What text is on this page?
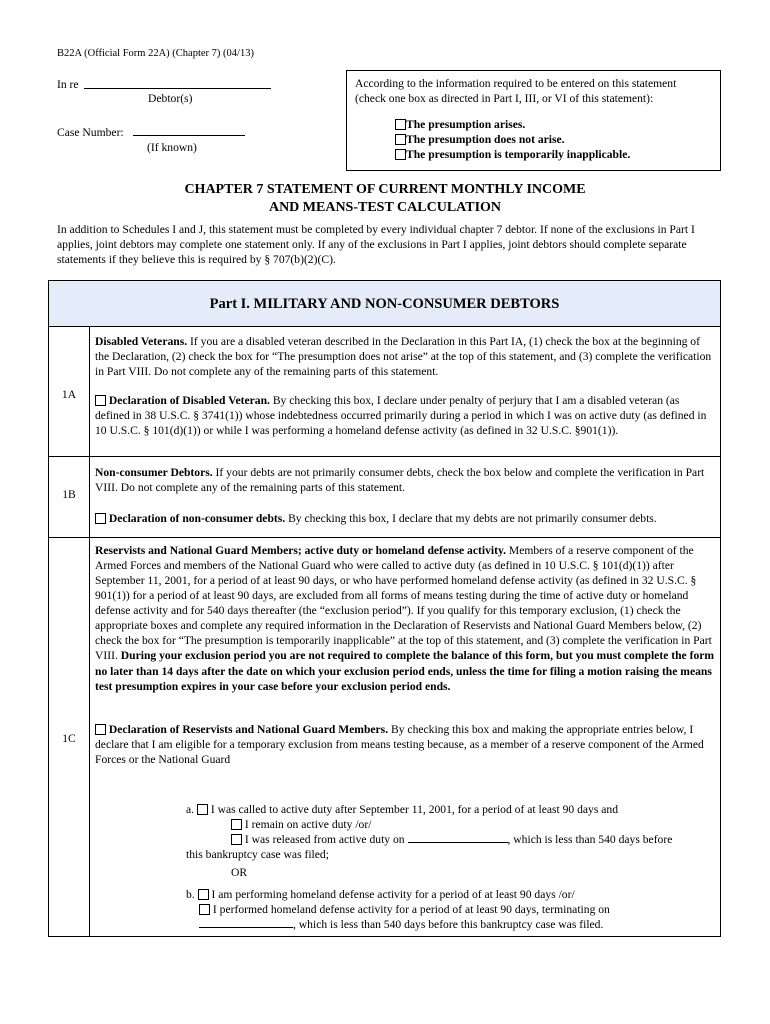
B22A (Official Form 22A) (Chapter 7) (04/13)
In re
Debtor(s)
Case Number:
(If known)
According to the information required to be entered on this statement (check one box as directed in Part I, III, or VI of this statement):
The presumption arises.
The presumption does not arise.
The presumption is temporarily inapplicable.
CHAPTER 7 STATEMENT OF CURRENT MONTHLY INCOME
AND MEANS-TEST CALCULATION
In addition to Schedules I and J, this statement must be completed by every individual chapter 7 debtor. If none of the exclusions in Part I applies, joint debtors may complete one statement only. If any of the exclusions in Part I applies, joint debtors should complete separate statements if they believe this is required by § 707(b)(2)(C).
Part I. MILITARY AND NON-CONSUMER DEBTORS
1A
Disabled Veterans. If you are a disabled veteran described in the Declaration in this Part IA, (1) check the box at the beginning of the Declaration, (2) check the box for “The presumption does not arise” at the top of this statement, and (3) complete the verification in Part VIII. Do not complete any of the remaining parts of this statement.
Declaration of Disabled Veteran. By checking this box, I declare under penalty of perjury that I am a disabled veteran (as defined in 38 U.S.C. § 3741(1)) whose indebtedness occurred primarily during a period in which I was on active duty (as defined in 10 U.S.C. § 101(d)(1)) or while I was performing a homeland defense activity (as defined in 32 U.S.C. §901(1)).
1B
Non-consumer Debtors. If your debts are not primarily consumer debts, check the box below and complete the verification in Part VIII. Do not complete any of the remaining parts of this statement.
Declaration of non-consumer debts. By checking this box, I declare that my debts are not primarily consumer debts.
1C
Reservists and National Guard Members; active duty or homeland defense activity. Members of a reserve component of the Armed Forces and members of the National Guard who were called to active duty (as defined in 10 U.S.C. § 101(d)(1)) after September 11, 2001, for a period of at least 90 days, or who have performed homeland defense activity (as defined in 32 U.S.C. § 901(1)) for a period of at least 90 days, are excluded from all forms of means testing during the time of active duty or homeland defense activity and for 540 days thereafter (the “exclusion period”). If you qualify for this temporary exclusion, (1) check the appropriate boxes and complete any required information in the Declaration of Reservists and National Guard Members below, (2) check the box for “The presumption is temporarily inapplicable” at the top of this statement, and (3) complete the verification in Part VIII. During your exclusion period you are not required to complete the balance of this form, but you must complete the form no later than 14 days after the date on which your exclusion period ends, unless the time for filing a motion raising the means test presumption expires in your case before your exclusion period ends.
Declaration of Reservists and National Guard Members. By checking this box and making the appropriate entries below, I declare that I am eligible for a temporary exclusion from means testing because, as a member of a reserve component of the Armed Forces or the National Guard
a. I was called to active duty after September 11, 2001, for a period of at least 90 days and
I remain on active duty /or/
I was released from active duty on	, which is less than 540 days before
this bankruptcy case was filed;
OR
b. I am performing homeland defense activity for a period of at least 90 days /or/
I performed homeland defense activity for a period of at least 90 days, terminating on
, which is less than 540 days before this bankruptcy case was filed.
